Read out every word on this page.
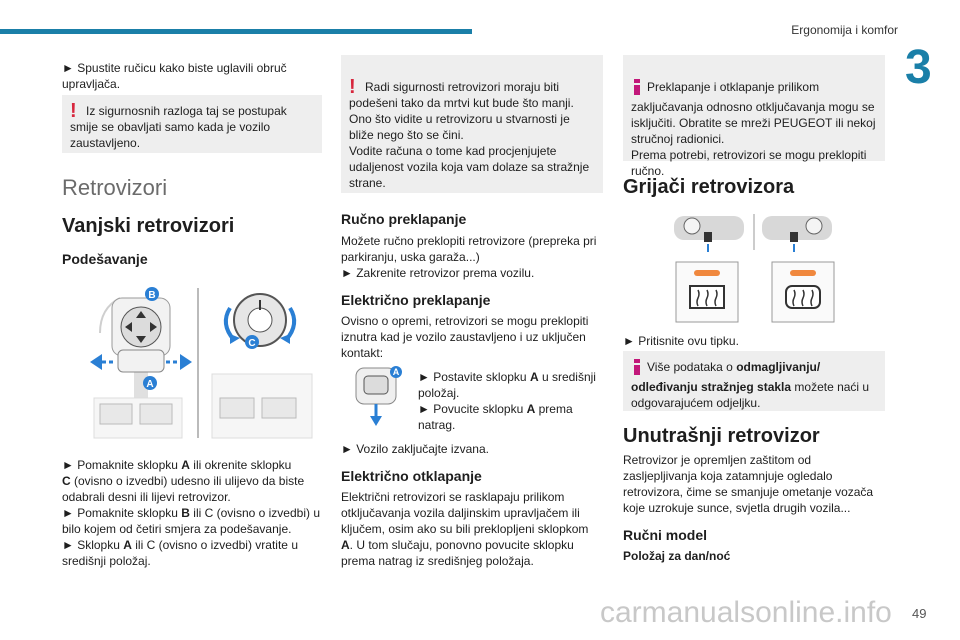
Ergonomija i komfor
3
► Spustite ručicu kako biste uglavili obruč upravljača.
! Iz sigurnosnih razloga taj se postupak smije se obavljati samo kada je vozilo zaustavljeno.
Retrovizori
Vanjski retrovizori
Podešavanje
B
A
C
► Pomaknite sklopku A ili okrenite sklopku
C (ovisno o izvedbi) udesno ili ulijevo da biste
odabrali desni ili lijevi retrovizor.
► Pomaknite sklopku B ili C (ovisno o izvedbi) u
bilo kojem od četiri smjera za podešavanje.
► Sklopku A ili C (ovisno o izvedbi) vratite u
središnji položaj.

! Radi sigurnosti retrovizori moraju biti podešeni tako da mrtvi kut bude što manji.
Ono što vidite u retrovizoru u stvarnosti je bliže nego što se čini.
Vodite računa o tome kad procjenjujete udaljenost vozila koja vam dolaze sa stražnje strane.

Ručno preklapanje
Možete ručno preklopiti retrovizore (prepreka pri parkiranju, uska garaža...)
► Zakrenite retrovizor prema vozilu.
Električno preklapanje
Ovisno o opremi, retrovizori se mogu preklopiti iznutra kad je vozilo zaustavljeno i uz uključen kontakt:
A ► Postavite sklopku A u središnji položaj.
► Povucite sklopku A prema natrag.
► Vozilo zaključajte izvana.
Električno otklapanje
Električni retrovizori se rasklapaju prilikom otključavanja vozila daljinskim upravljačem ili ključem, osim ako su bili preklopljeni sklopkom A. U tom slučaju, ponovno povucite sklopku prema natrag iz središnjeg položaja.

Preklapanje i otklapanje prilikom zaključavanja odnosno otključavanja mogu se isključiti. Obratite se mreži PEUGEOT ili nekoj stručnoj radionici.
Prema potrebi, retrovizori se mogu preklopiti ručno.

Grijači retrovizora
► Pritisnite ovu tipku.
Više podataka o odmagljivanju/ odleđivanju stražnjeg stakla možete naći u odgovarajućem odjeljku.
Unutrašnji retrovizor
Retrovizor je opremljen zaštitom od zasljepljivanja koja zatamnjuje ogledalo retrovizora, čime se smanjuje ometanje vozača koje uzrokuje sunce, svjetla drugih vozila...
Ručni model
Položaj za dan/noć
carmanualsonline.info 49
